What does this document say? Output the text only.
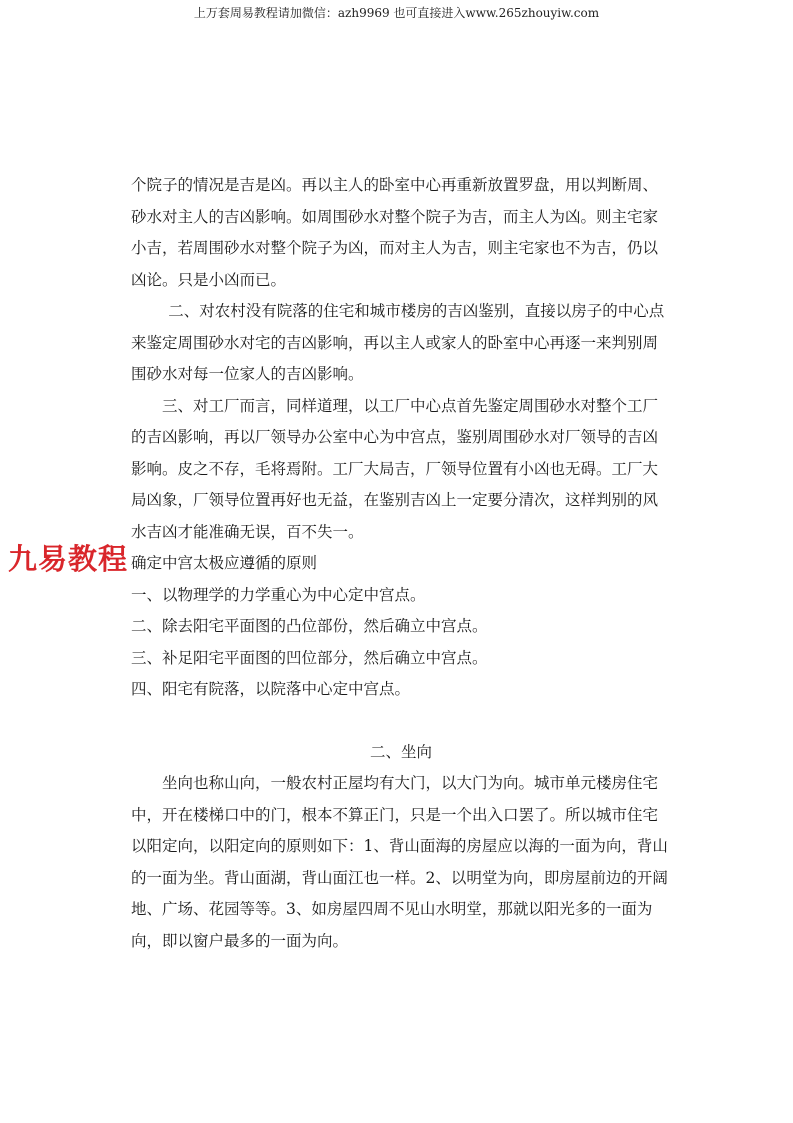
上万套周易教程请加微信：azh9969 也可直接进入www.265zhouyiw.com
九易教程

个院子的情况是吉是凶。再以主人的卧室中心再重新放置罗盘，用以判断周、砂水对主人的吉凶影响。如周围砂水对整个院子为吉，而主人为凶。则主宅家小吉，若周围砂水对整个院子为凶，而对主人为吉，则主宅家也不为吉，仍以凶论。只是小凶而已。

二、对农村没有院落的住宅和城市楼房的吉凶鉴别，直接以房子的中心点来鉴定周围砂水对宅的吉凶影响，再以主人或家人的卧室中心再逐一来判别周围砂水对每一位家人的吉凶影响。

三、对工厂而言，同样道理，以工厂中心点首先鉴定周围砂水对整个工厂的吉凶影响，再以厂领导办公室中心为中宫点，鉴别周围砂水对厂领导的吉凶影响。皮之不存，毛将焉附。工厂大局吉，厂领导位置有小凶也无碍。工厂大局凶象，厂领导位置再好也无益，在鉴别吉凶上一定要分清次，这样判别的风水吉凶才能准确无误，百不失一。

确定中宫太极应遵循的原则

一、以物理学的力学重心为中心定中宫点。

二、除去阳宅平面图的凸位部份，然后确立中宫点。

三、补足阳宅平面图的凹位部分，然后确立中宫点。

四、阳宅有院落，以院落中心定中宫点。

二、坐向

坐向也称山向，一般农村正屋均有大门，以大门为向。城市单元楼房住宅中，开在楼梯口中的门，根本不算正门，只是一个出入口罢了。所以城市住宅以阳定向，以阳定向的原则如下：1、背山面海的房屋应以海的一面为向，背山的一面为坐。背山面湖，背山面江也一样。2、以明堂为向，即房屋前边的开阔地、广场、花园等等。3、如房屋四周不见山水明堂，那就以阳光多的一面为向，即以窗户最多的一面为向。
